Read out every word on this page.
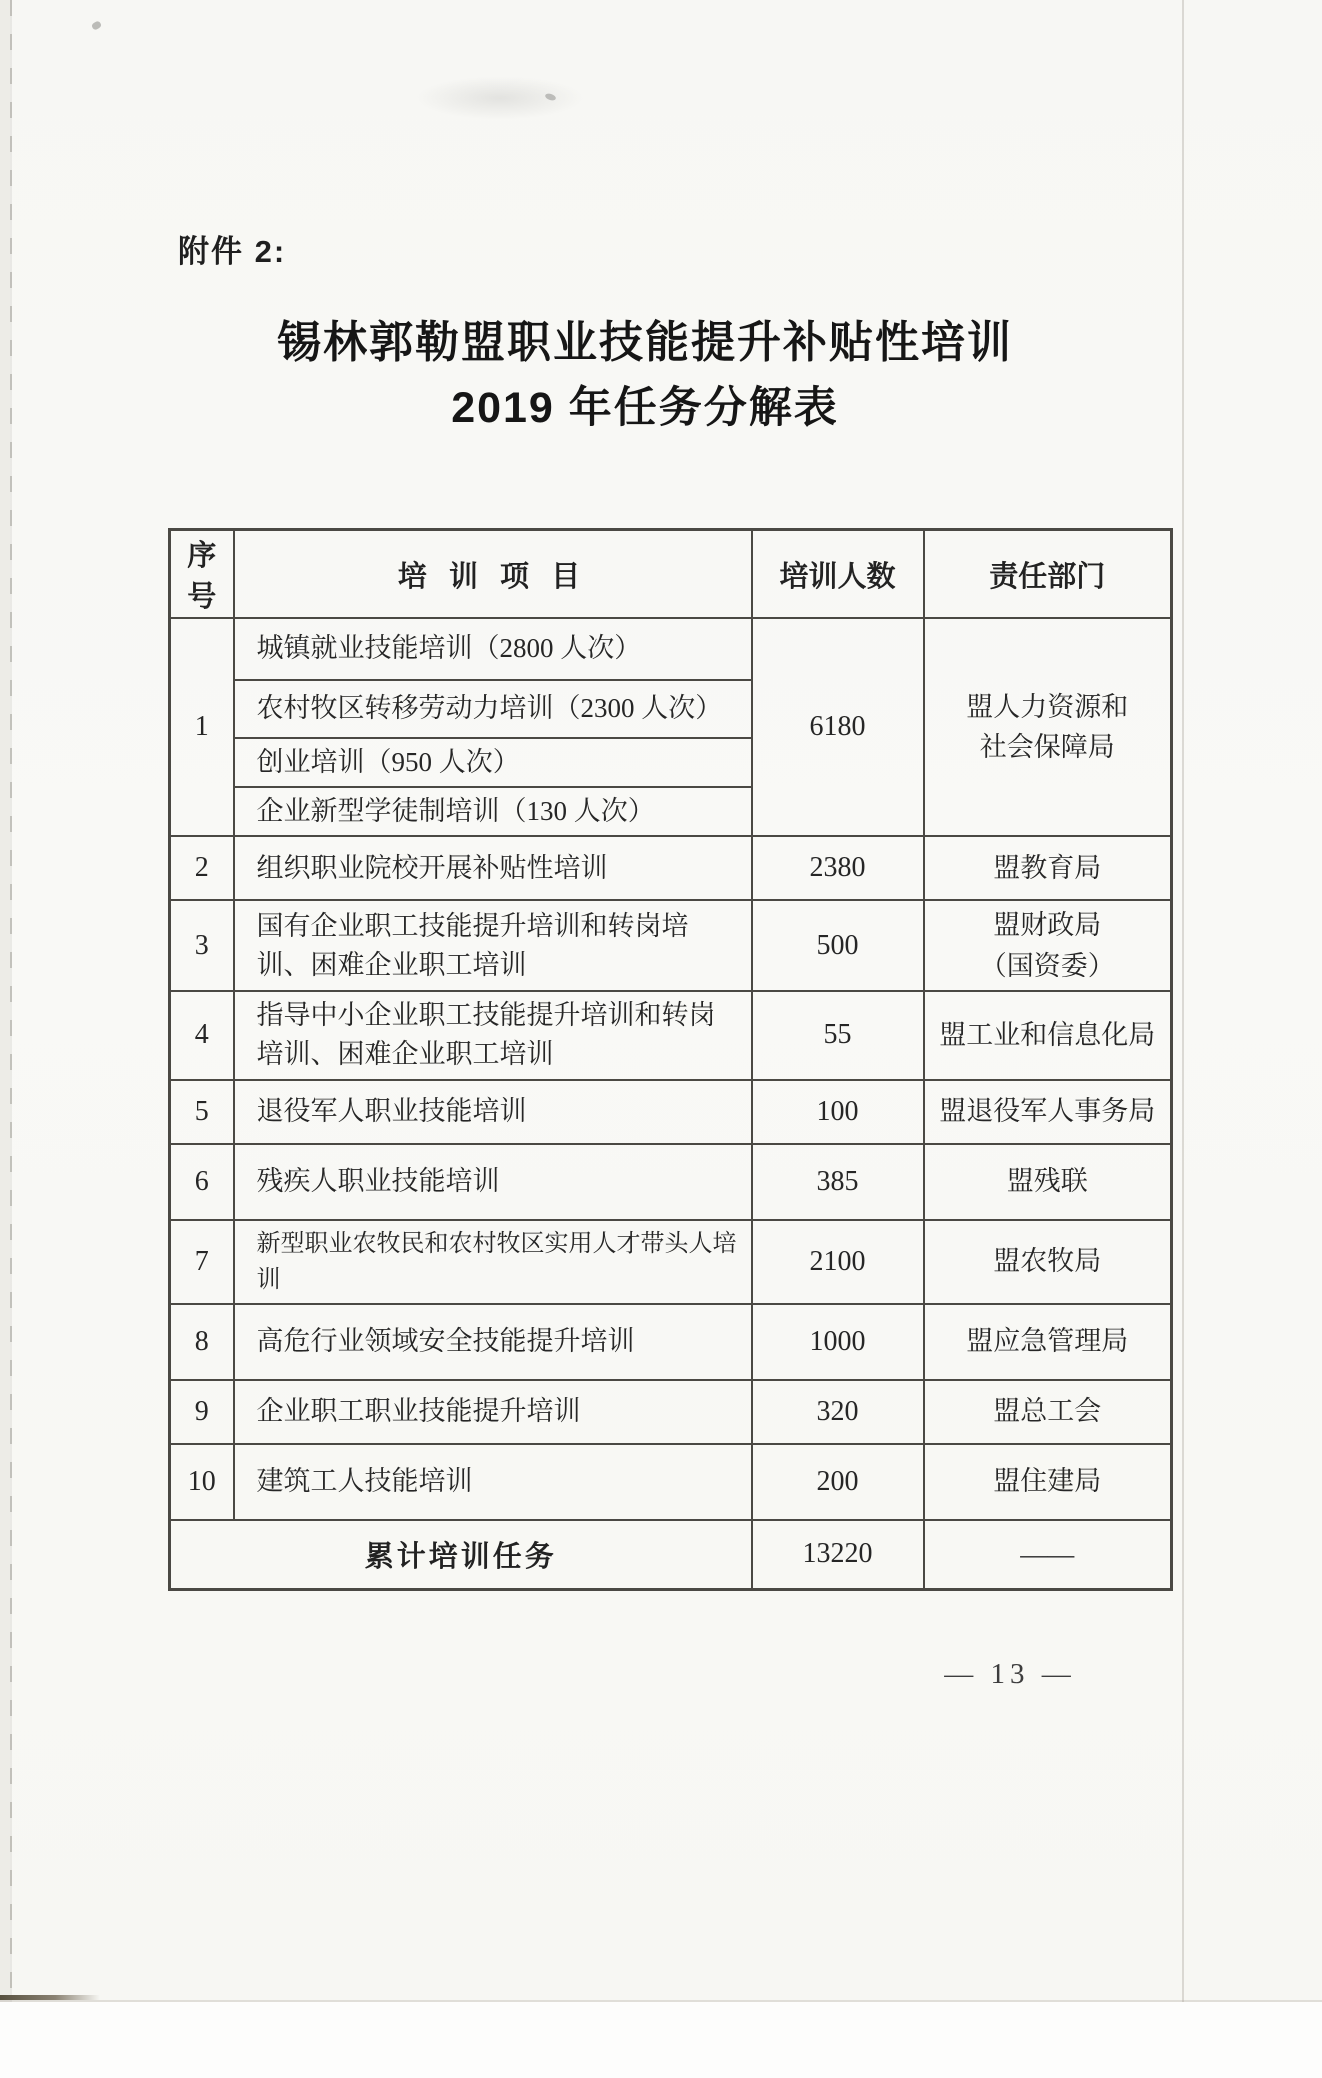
附件 2:
锡林郭勒盟职业技能提升补贴性培训
2019 年任务分解表
序号	培 训 项 目	培训人数	责任部门
1	城镇就业技能培训（2800 人次）	6180	盟人力资源和
社会保障局

	农村牧区转移劳动力培训（2300 人次）		
	创业培训（950 人次）		
	企业新型学徒制培训（130 人次）		
2	组织职业院校开展补贴性培训	2380	盟教育局

3	国有企业职工技能提升培训和转岗培训、困难企业职工培训	500	盟财政局
（国资委）

4	指导中小企业职工技能提升培训和转岗培训、困难企业职工培训	55	盟工业和信息化局

5	退役军人职业技能培训	100	盟退役军人事务局

6	残疾人职业技能培训	385	盟残联

7	新型职业农牧民和农村牧区实用人才带头人培训	2100	盟农牧局

8	高危行业领域安全技能提升培训	1000	盟应急管理局

9	企业职工职业技能提升培训	320	盟总工会

10	建筑工人技能培训	200	盟住建局

累计培训任务		13220	——
— 13 —
